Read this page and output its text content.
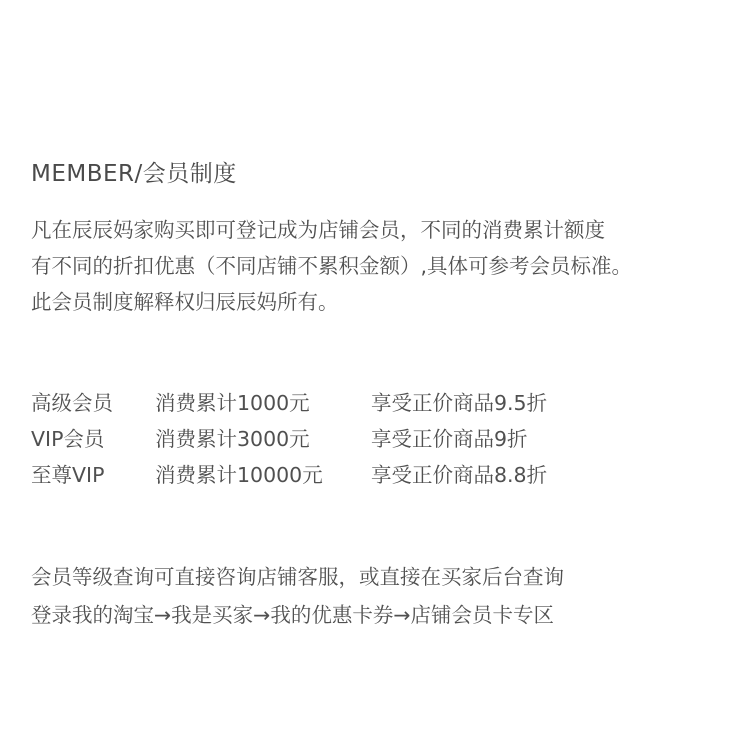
MEMBER/会员制度
凡在辰辰妈家购买即可登记成为店铺会员，不同的消费累计额度
有不同的折扣优惠（不同店铺不累积金额）,具体可参考会员标准。
此会员制度解释权归辰辰妈所有。
高级会员 消费累计1000元	享受正价商品9.5折
VIP会员 消费累计3000元	享受正价商品9折
至尊VIP 消费累计10000元 享受正价商品8.8折
会员等级查询可直接咨询店铺客服，或直接在买家后台查询
登录我的淘宝→我是买家→我的优惠卡券→店铺会员卡专区
